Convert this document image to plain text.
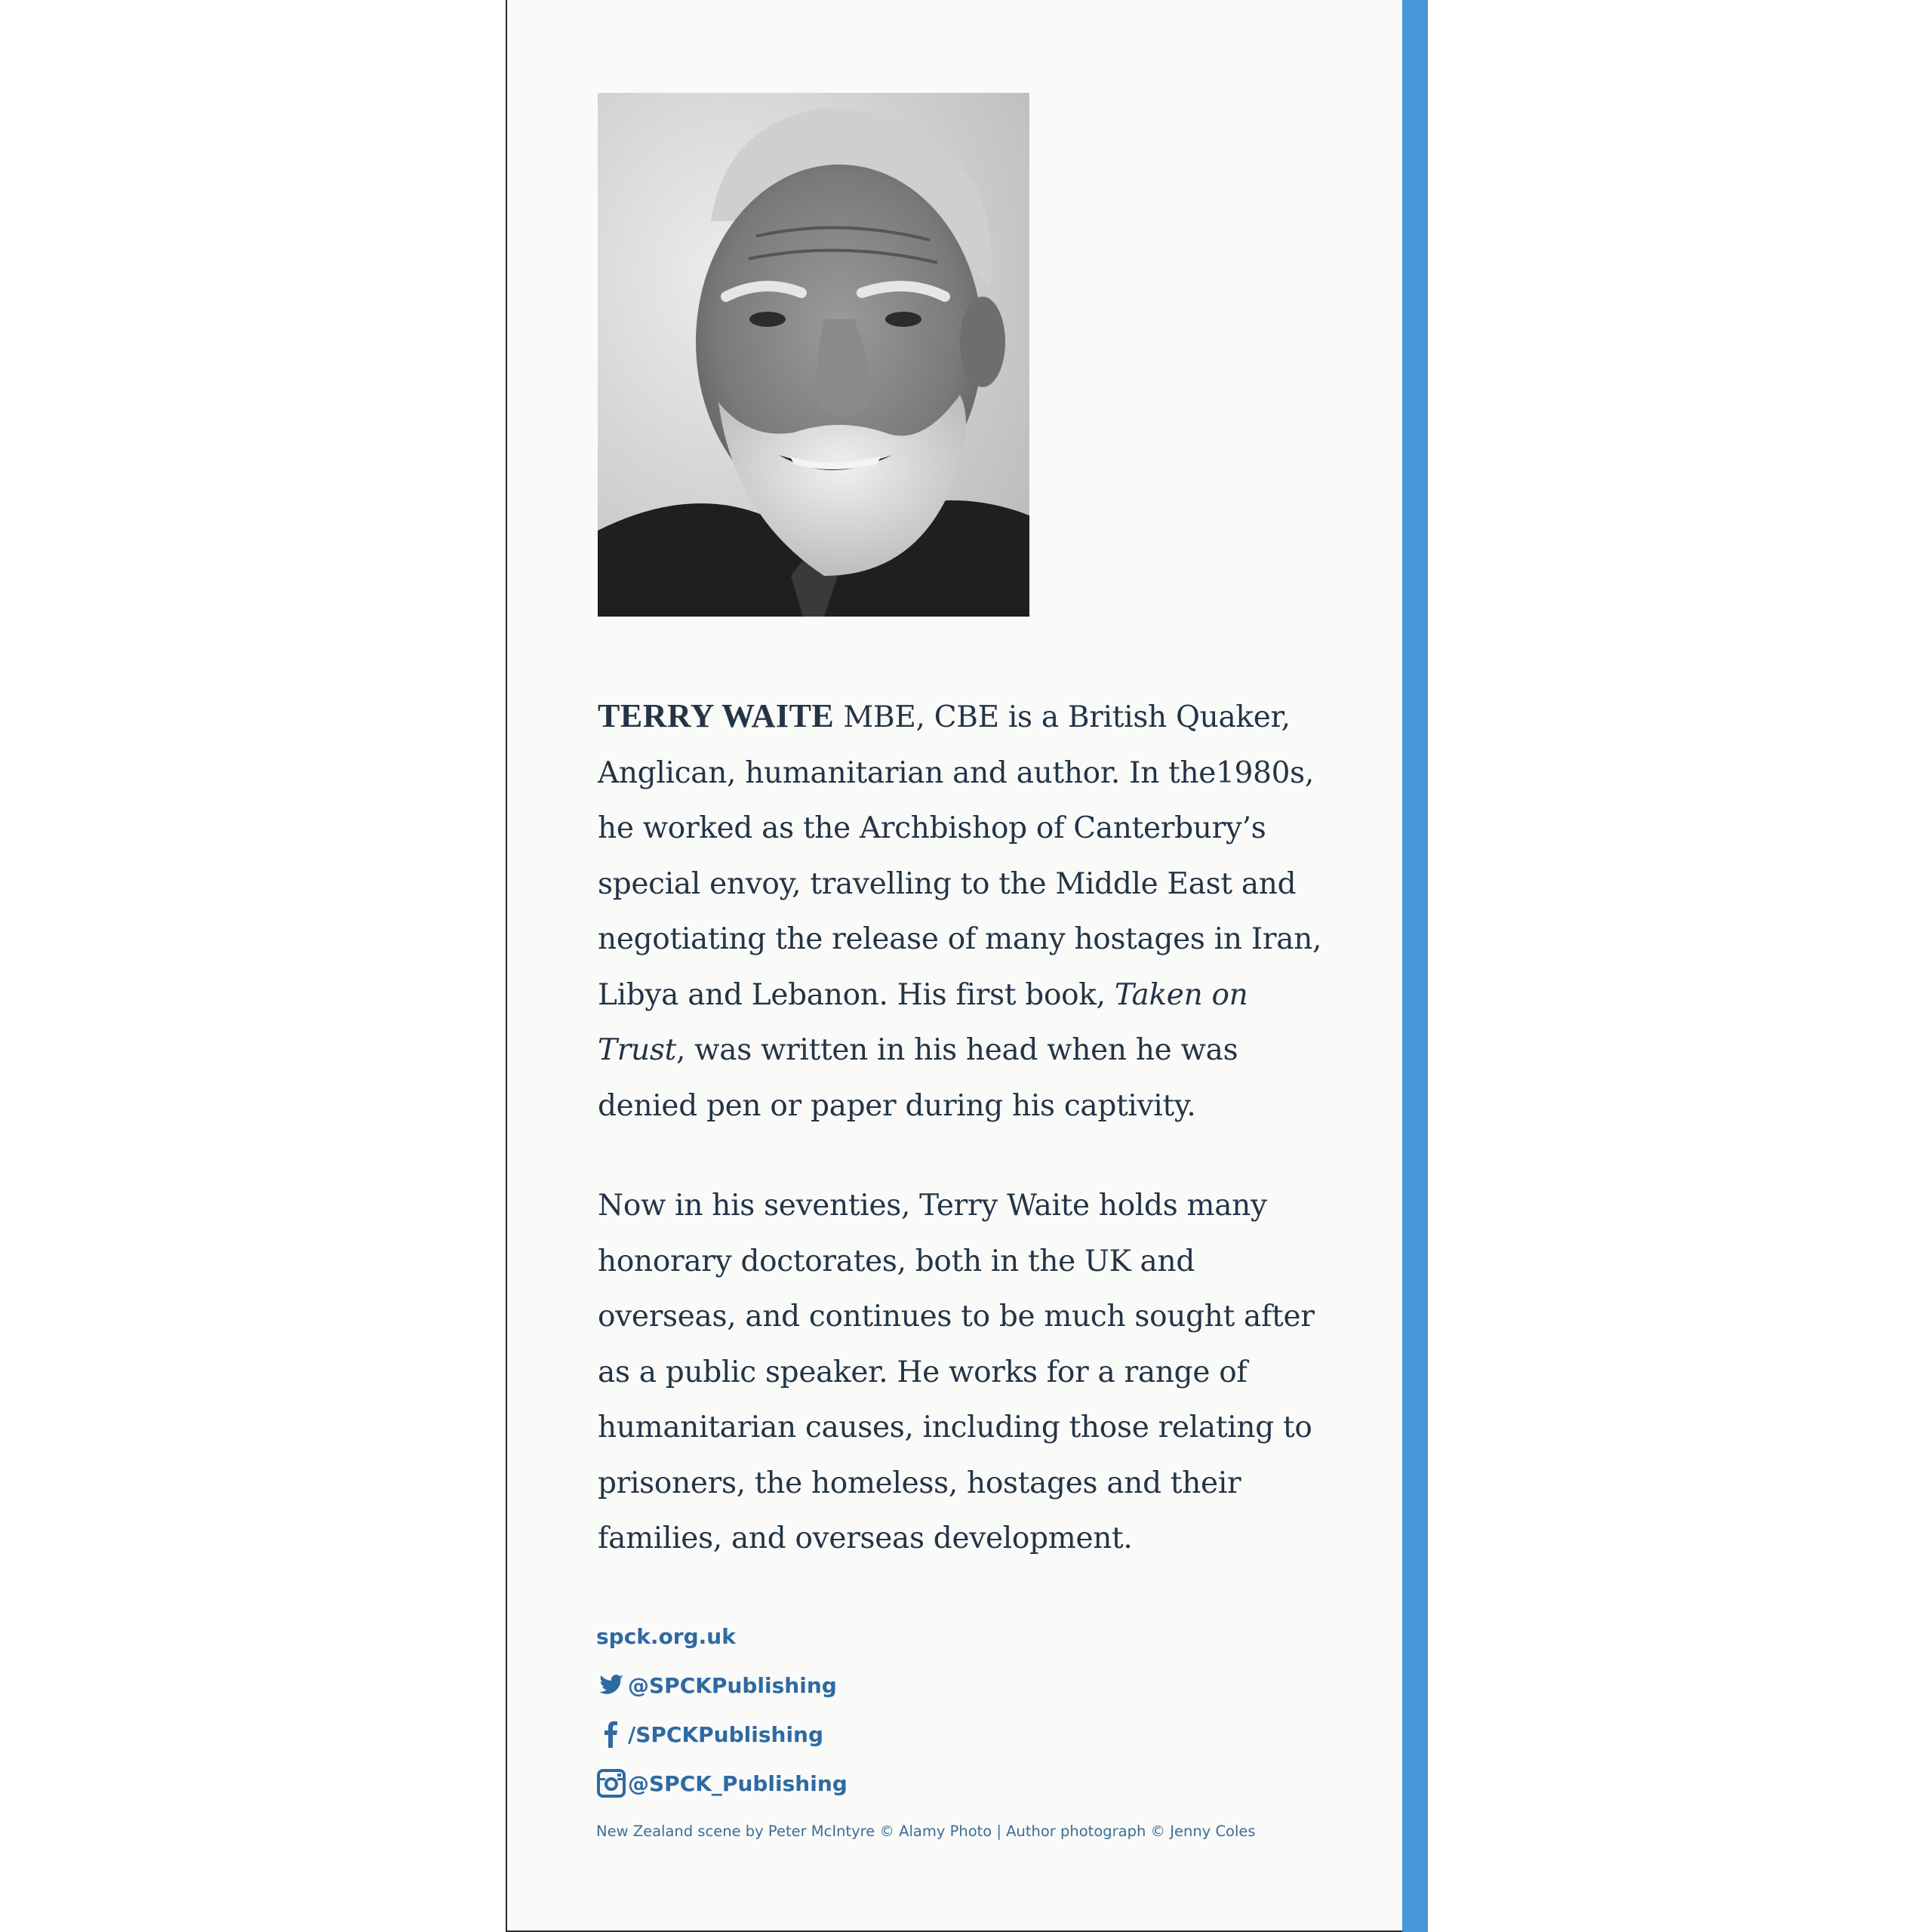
TERRY WAITE MBE, CBE is a British Quaker, Anglican, humanitarian and author. In the1980s, he worked as the Archbishop of Canterbury’s special envoy, travelling to the Middle East and negotiating the release of many hostages in Iran, Libya and Lebanon. His first book, Taken on Trust, was written in his head when he was denied pen or paper during his captivity.

Now in his seventies, Terry Waite holds many honorary doctorates, both in the UK and overseas, and continues to be much sought after as a public speaker. He works for a range of humanitarian causes, including those relating to prisoners, the homeless, hostages and their families, and overseas development.

spck.org.uk
@SPCKPublishing
/SPCKPublishing
@SPCK_Publishing
New Zealand scene by Peter McIntyre © Alamy Photo | Author photograph © Jenny Coles
